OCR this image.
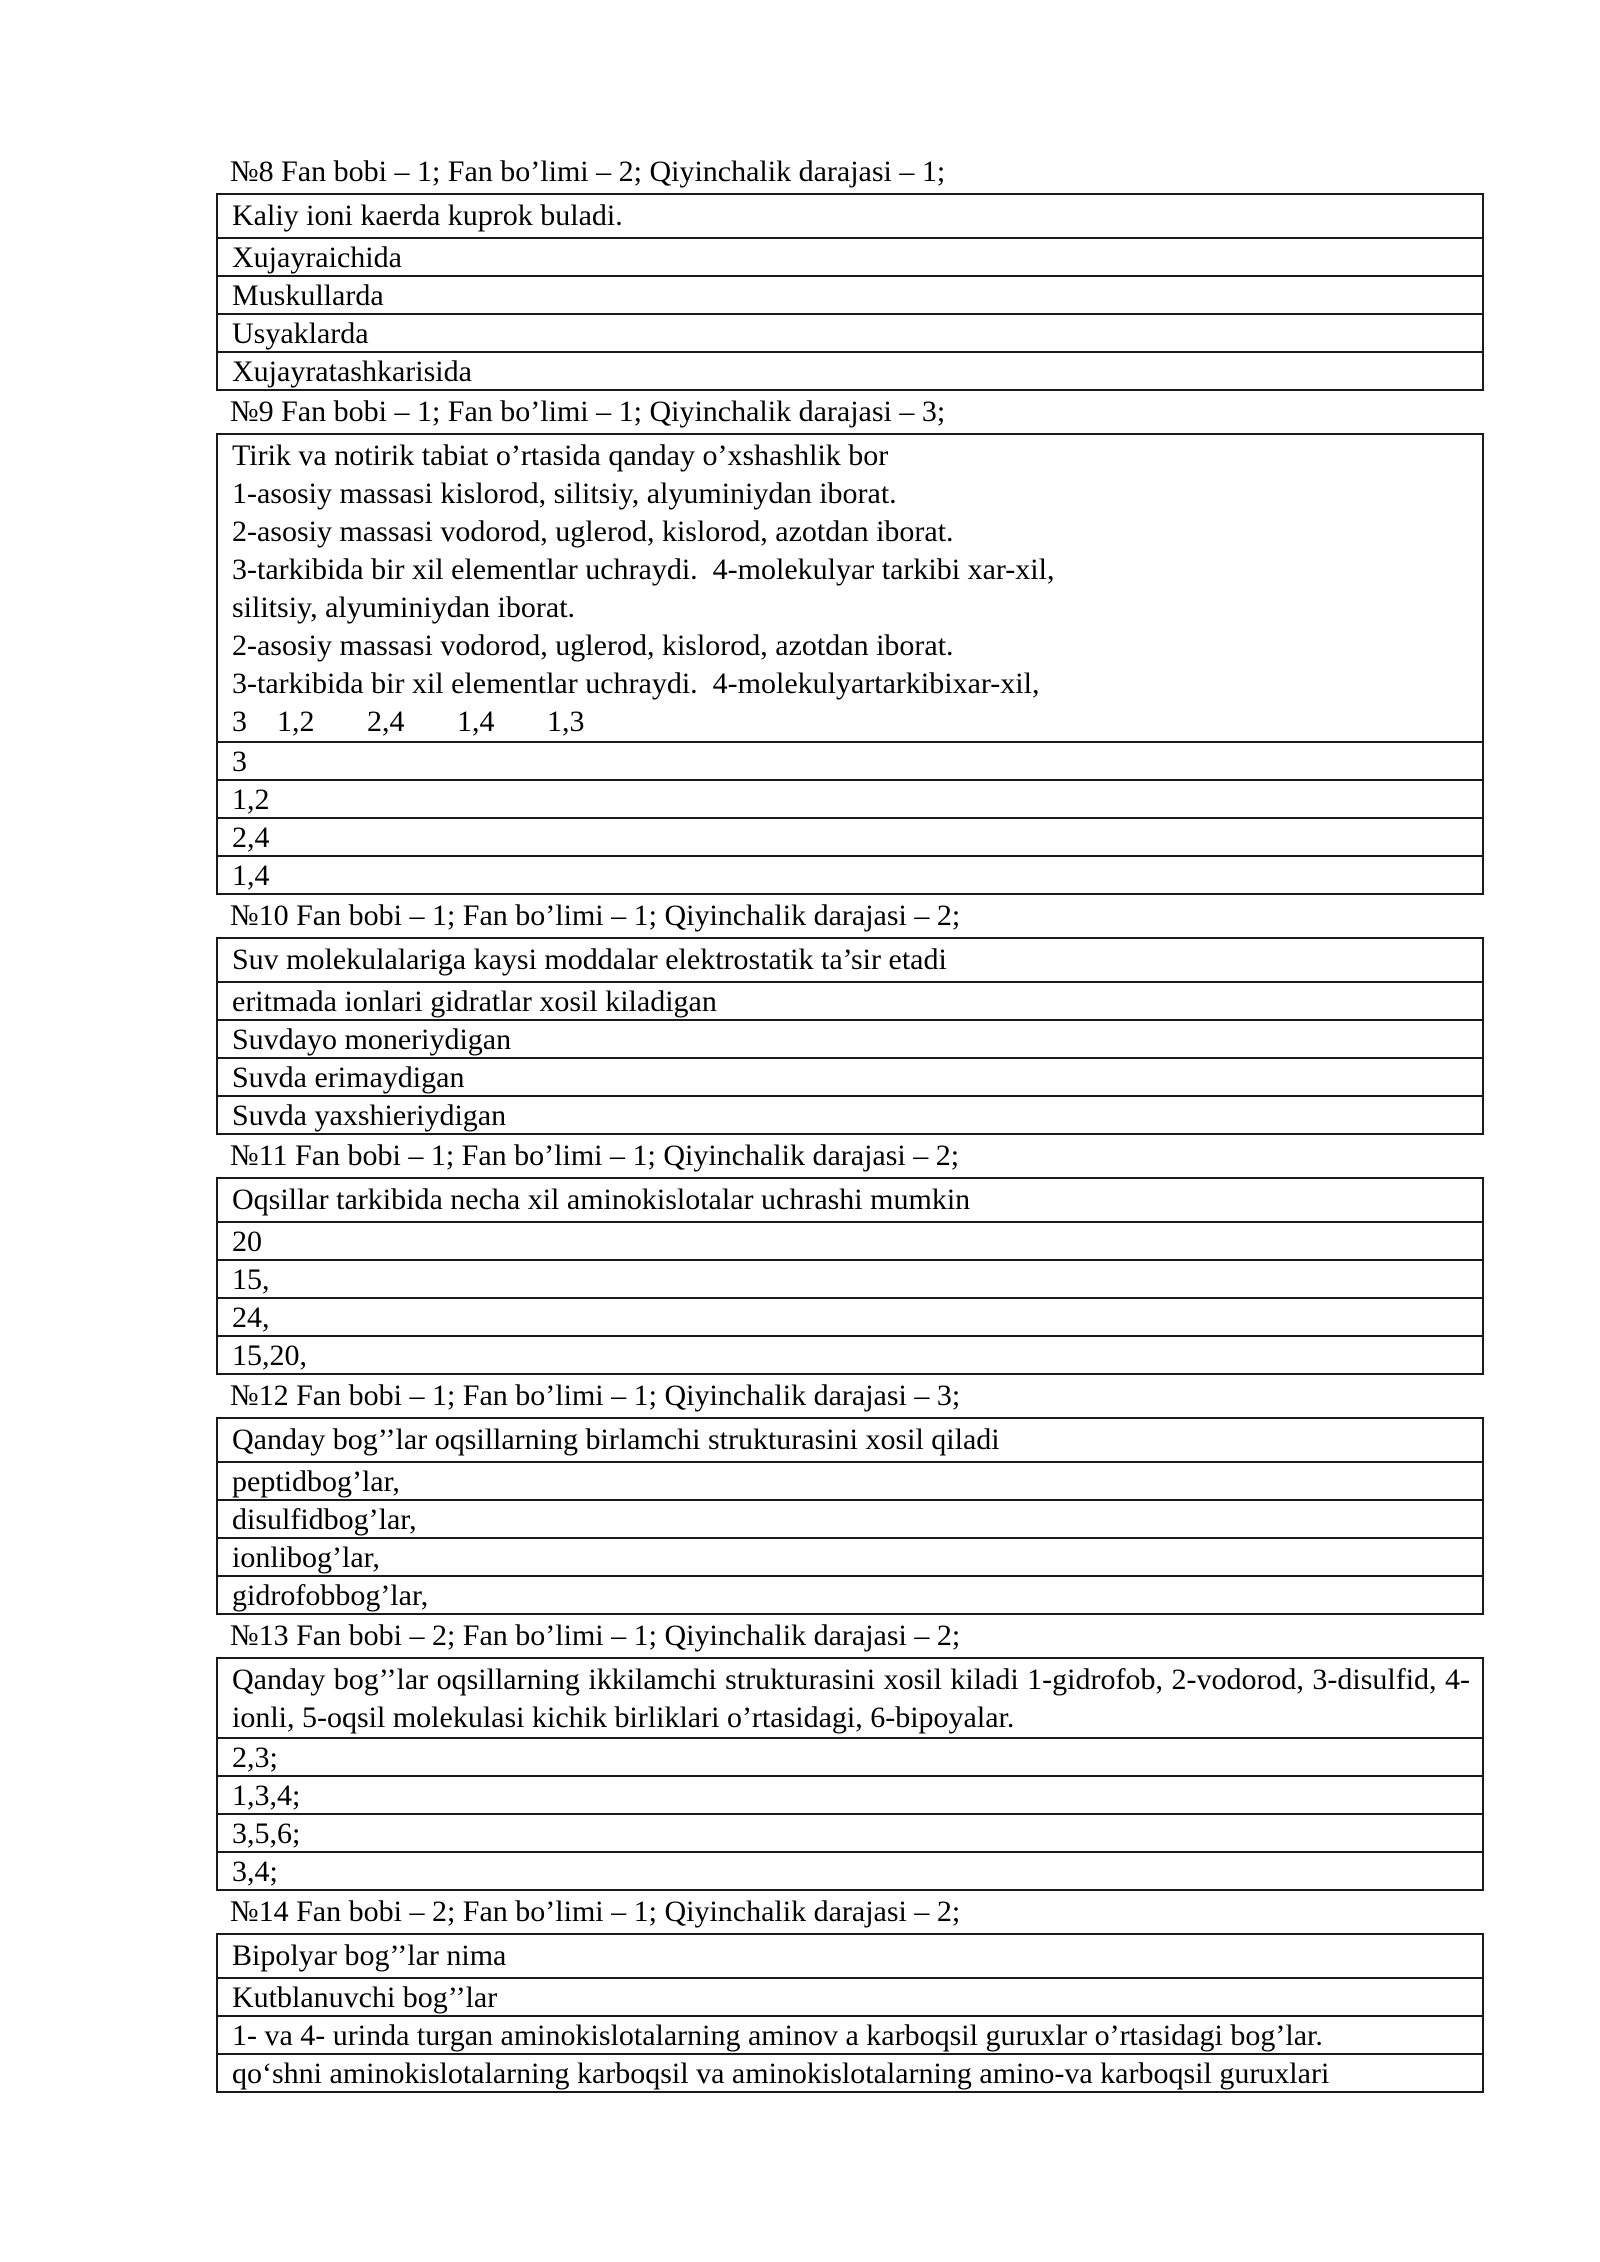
№8 Fan bobi – 1; Fan bo’limi – 2; Qiyinchalik darajasi – 1;
Kaliy ioni kaerda kuprok buladi.
Xujayraichida
Muskullarda
Usyaklarda
Xujayratashkarisida
№9 Fan bobi – 1; Fan bo’limi – 1; Qiyinchalik darajasi – 3;
Tirik va notirik tabiat o’rtasida qanday o’xshashlik bor
1-asosiy massasi kislorod, silitsiy, alyuminiydan iborat.
2-asosiy massasi vodorod, uglerod, kislorod, azotdan iborat.
3-tarkibida bir xil elementlar uchraydi.  4-molekulyar tarkibi xar-xil,
silitsiy, alyuminiydan iborat.
2-asosiy massasi vodorod, uglerod, kislorod, azotdan iborat.
3-tarkibida bir xil elementlar uchraydi.  4-molekulyartarkibixar-xil,
3    1,2       2,4       1,4       1,3
3
1,2
2,4
1,4
№10 Fan bobi – 1; Fan bo’limi – 1; Qiyinchalik darajasi – 2;
Suv molekulalariga kaysi moddalar elektrostatik ta’sir etadi
eritmada ionlari gidratlar xosil kiladigan
Suvdayo moneriydigan
Suvda erimaydigan
Suvda yaxshieriydigan
№11 Fan bobi – 1; Fan bo’limi – 1; Qiyinchalik darajasi – 2;
Oqsillar tarkibida necha xil aminokislotalar uchrashi mumkin
20
15,
24,
15,20,
№12 Fan bobi – 1; Fan bo’limi – 1; Qiyinchalik darajasi – 3;
Qanday bog’’lar oqsillarning birlamchi strukturasini xosil qiladi
peptidbog’lar,
disulfidbog’lar,
ionlibog’lar,
gidrofobbog’lar,
№13 Fan bobi – 2; Fan bo’limi – 1; Qiyinchalik darajasi – 2;
Qanday bog’’lar oqsillarning ikkilamchi strukturasini xosil kiladi 1-gidrofob, 2-vodorod, 3-disulfid, 4-ionli, 5-oqsil molekulasi kichik birliklari o’rtasidagi, 6-bipoyalar.
2,3;
1,3,4;
3,5,6;
3,4;
№14 Fan bobi – 2; Fan bo’limi – 1; Qiyinchalik darajasi – 2;
Bipolyar bog’’lar nima
Kutblanuvchi bog’’lar
1- va 4- urinda turgan aminokislotalarning aminov a karboqsil guruxlar o’rtasidagi bog’lar.
qo‘shni aminokislotalarning karboqsil va aminokislotalarning amino-va karboqsil guruxlari
